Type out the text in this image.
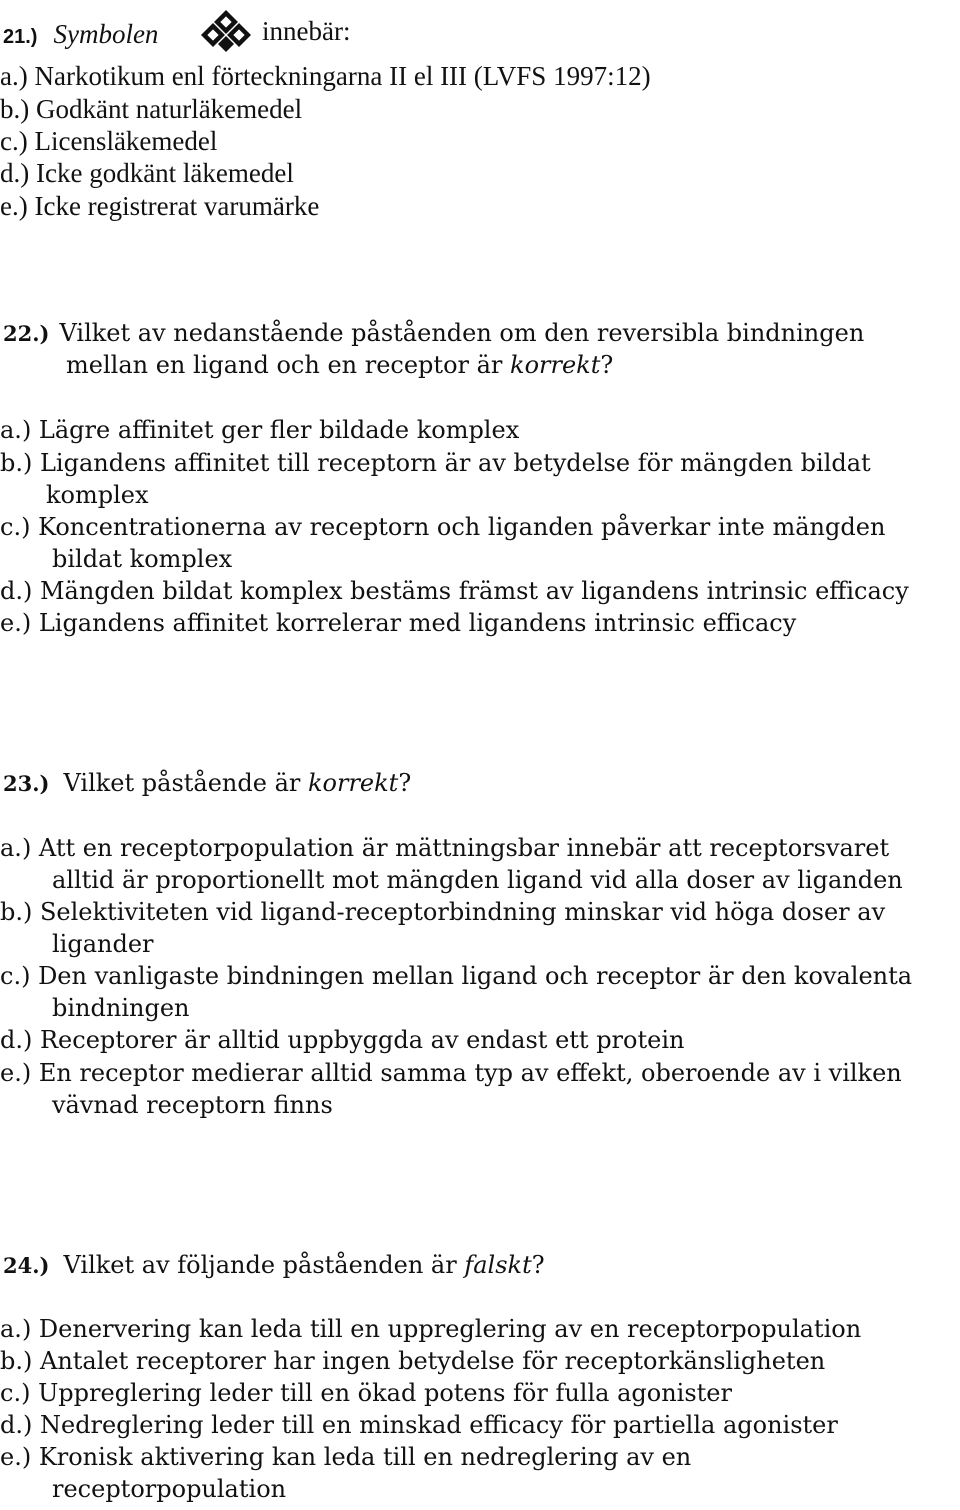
21.) Symbolen	innebär:
a.) Narkotikum enl förteckningarna II el III (LVFS 1997:12)
b.) Godkänt naturläkemedel
c.) Licensläkemedel
d.) Icke godkänt läkemedel
e.) Icke registrerat varumärke
22.) Vilket av nedanstående påståenden om den reversibla bindningen
mellan en ligand och en receptor är korrekt?
a.) Lägre affinitet ger fler bildade komplex
b.) Ligandens affinitet till receptorn är av betydelse för mängden bildat
komplex
c.) Koncentrationerna av receptorn och liganden påverkar inte mängden
bildat komplex
d.) Mängden bildat komplex bestäms främst av ligandens intrinsic efficacy
e.) Ligandens affinitet korrelerar med ligandens intrinsic efficacy
23.) Vilket påstående är korrekt?
a.) Att en receptorpopulation är mättningsbar innebär att receptorsvaret
alltid är proportionellt mot mängden ligand vid alla doser av liganden
b.) Selektiviteten vid ligand-receptorbindning minskar vid höga doser av
ligander
c.) Den vanligaste bindningen mellan ligand och receptor är den kovalenta
bindningen
d.) Receptorer är alltid uppbyggda av endast ett protein
e.) En receptor medierar alltid samma typ av effekt, oberoende av i vilken
vävnad receptorn finns
24.) Vilket av följande påståenden är falskt?
a.) Denervering kan leda till en uppreglering av en receptorpopulation
b.) Antalet receptorer har ingen betydelse för receptorkänsligheten
c.) Uppreglering leder till en ökad potens för fulla agonister
d.) Nedreglering leder till en minskad efficacy för partiella agonister
e.) Kronisk aktivering kan leda till en nedreglering av en
receptorpopulation
